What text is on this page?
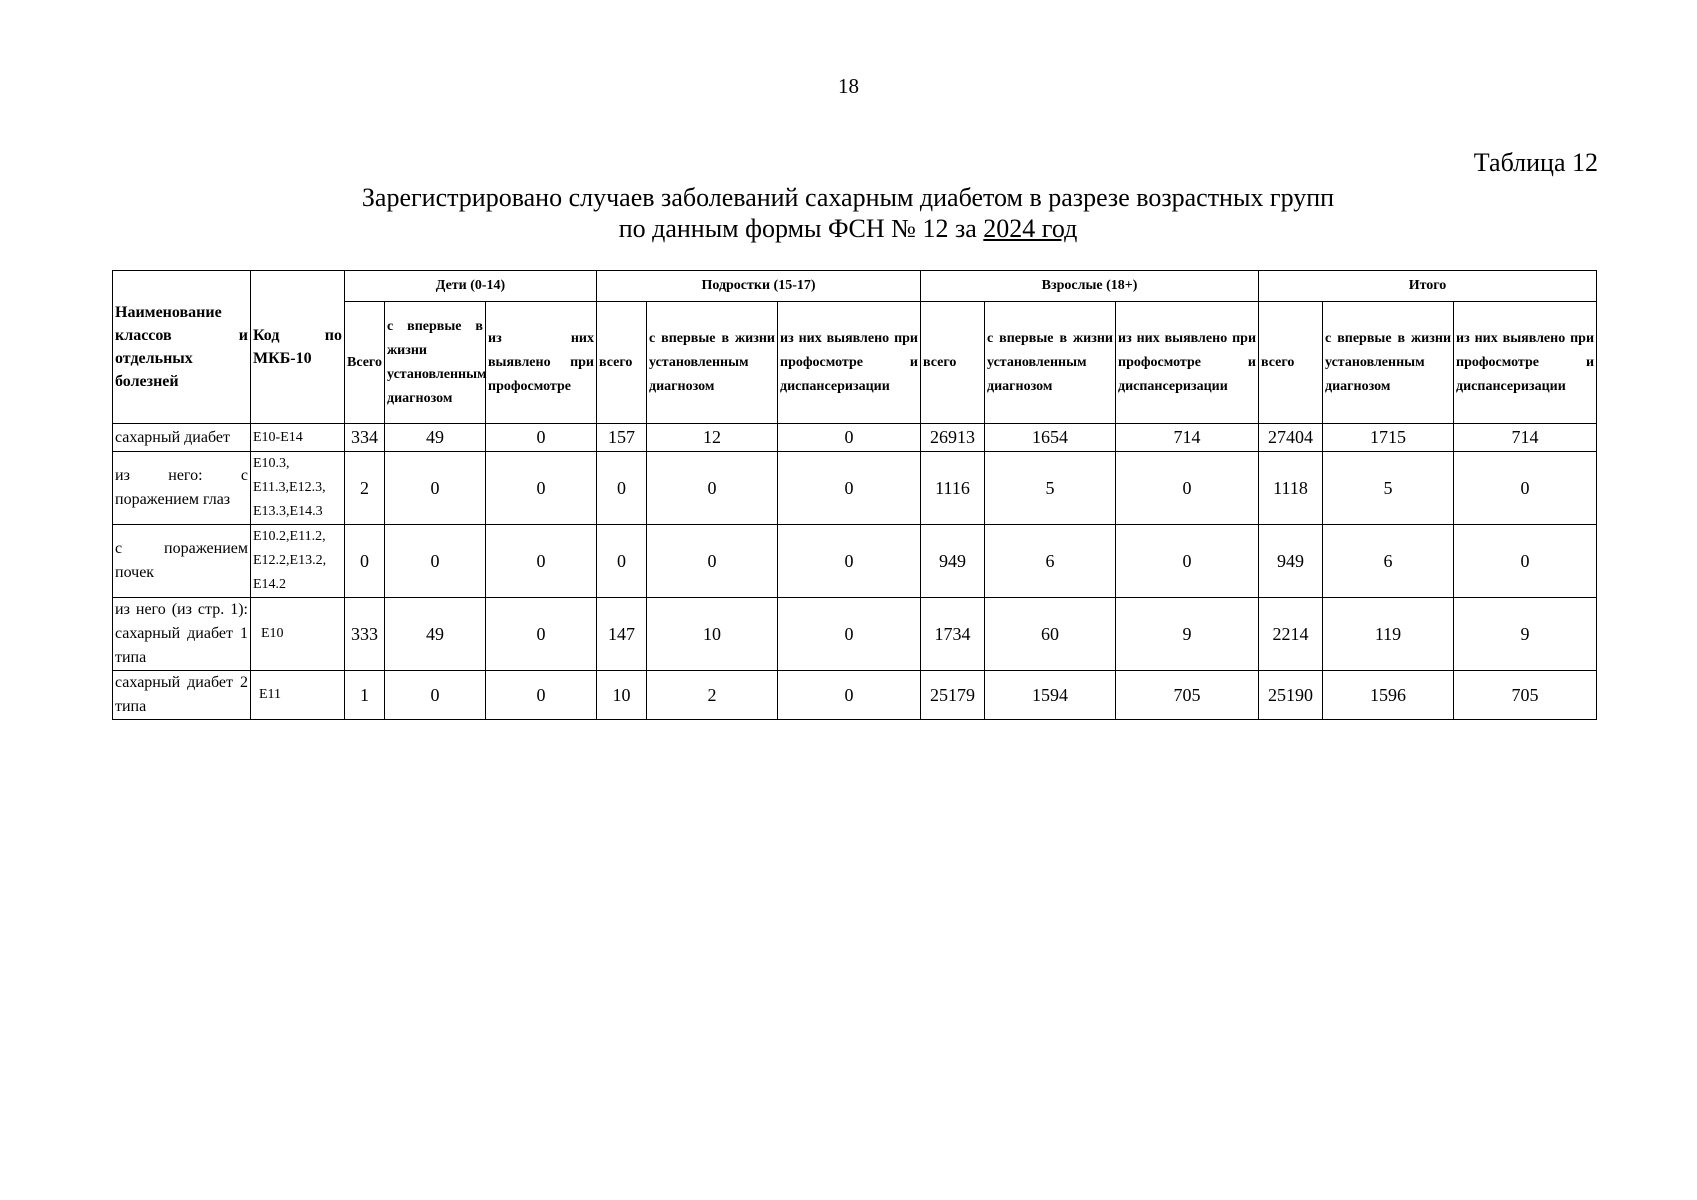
18
Таблица 12
Зарегистрировано случаев заболеваний сахарным диабетом в разрезе возрастных групп
по данным формы ФСН № 12 за 2024 год
Наименование классов и отдельных болезней	Код по МКБ-10	Дети (0-14)			Подростки (15-17)			Взрослые (18+)			Итого		
		Всего	с впервые в жизни установленным диагнозом	из них выявлено при профосмотре	всего	с впервые в жизни установленным диагнозом	из них выявлено при профосмотре и диспансеризации	всего	с впервые в жизни установленным диагнозом	из них выявлено при профосмотре и диспансеризации	всего	с впервые в жизни установленным диагнозом	из них выявлено при профосмотре и диспансеризации
сахарный диабет	E10-E14	334	49	0	157	12	0	26913	1654	714	27404	1715	714
из него: с поражением глаз	E10.3, E11.3,E12.3, E13.3,E14.3	2	0	0	0	0	0	1116	5	0	1118	5	0
с поражением почек	E10.2,E11.2, E12.2,E13.2, E14.2	0	0	0	0	0	0	949	6	0	949	6	0
из него (из стр. 1): сахарный диабет 1 типа	E10	333	49	0	147	10	0	1734	60	9	2214	119	9
сахарный диабет 2 типа	E11	1	0	0	10	2	0	25179	1594	705	25190	1596	705
